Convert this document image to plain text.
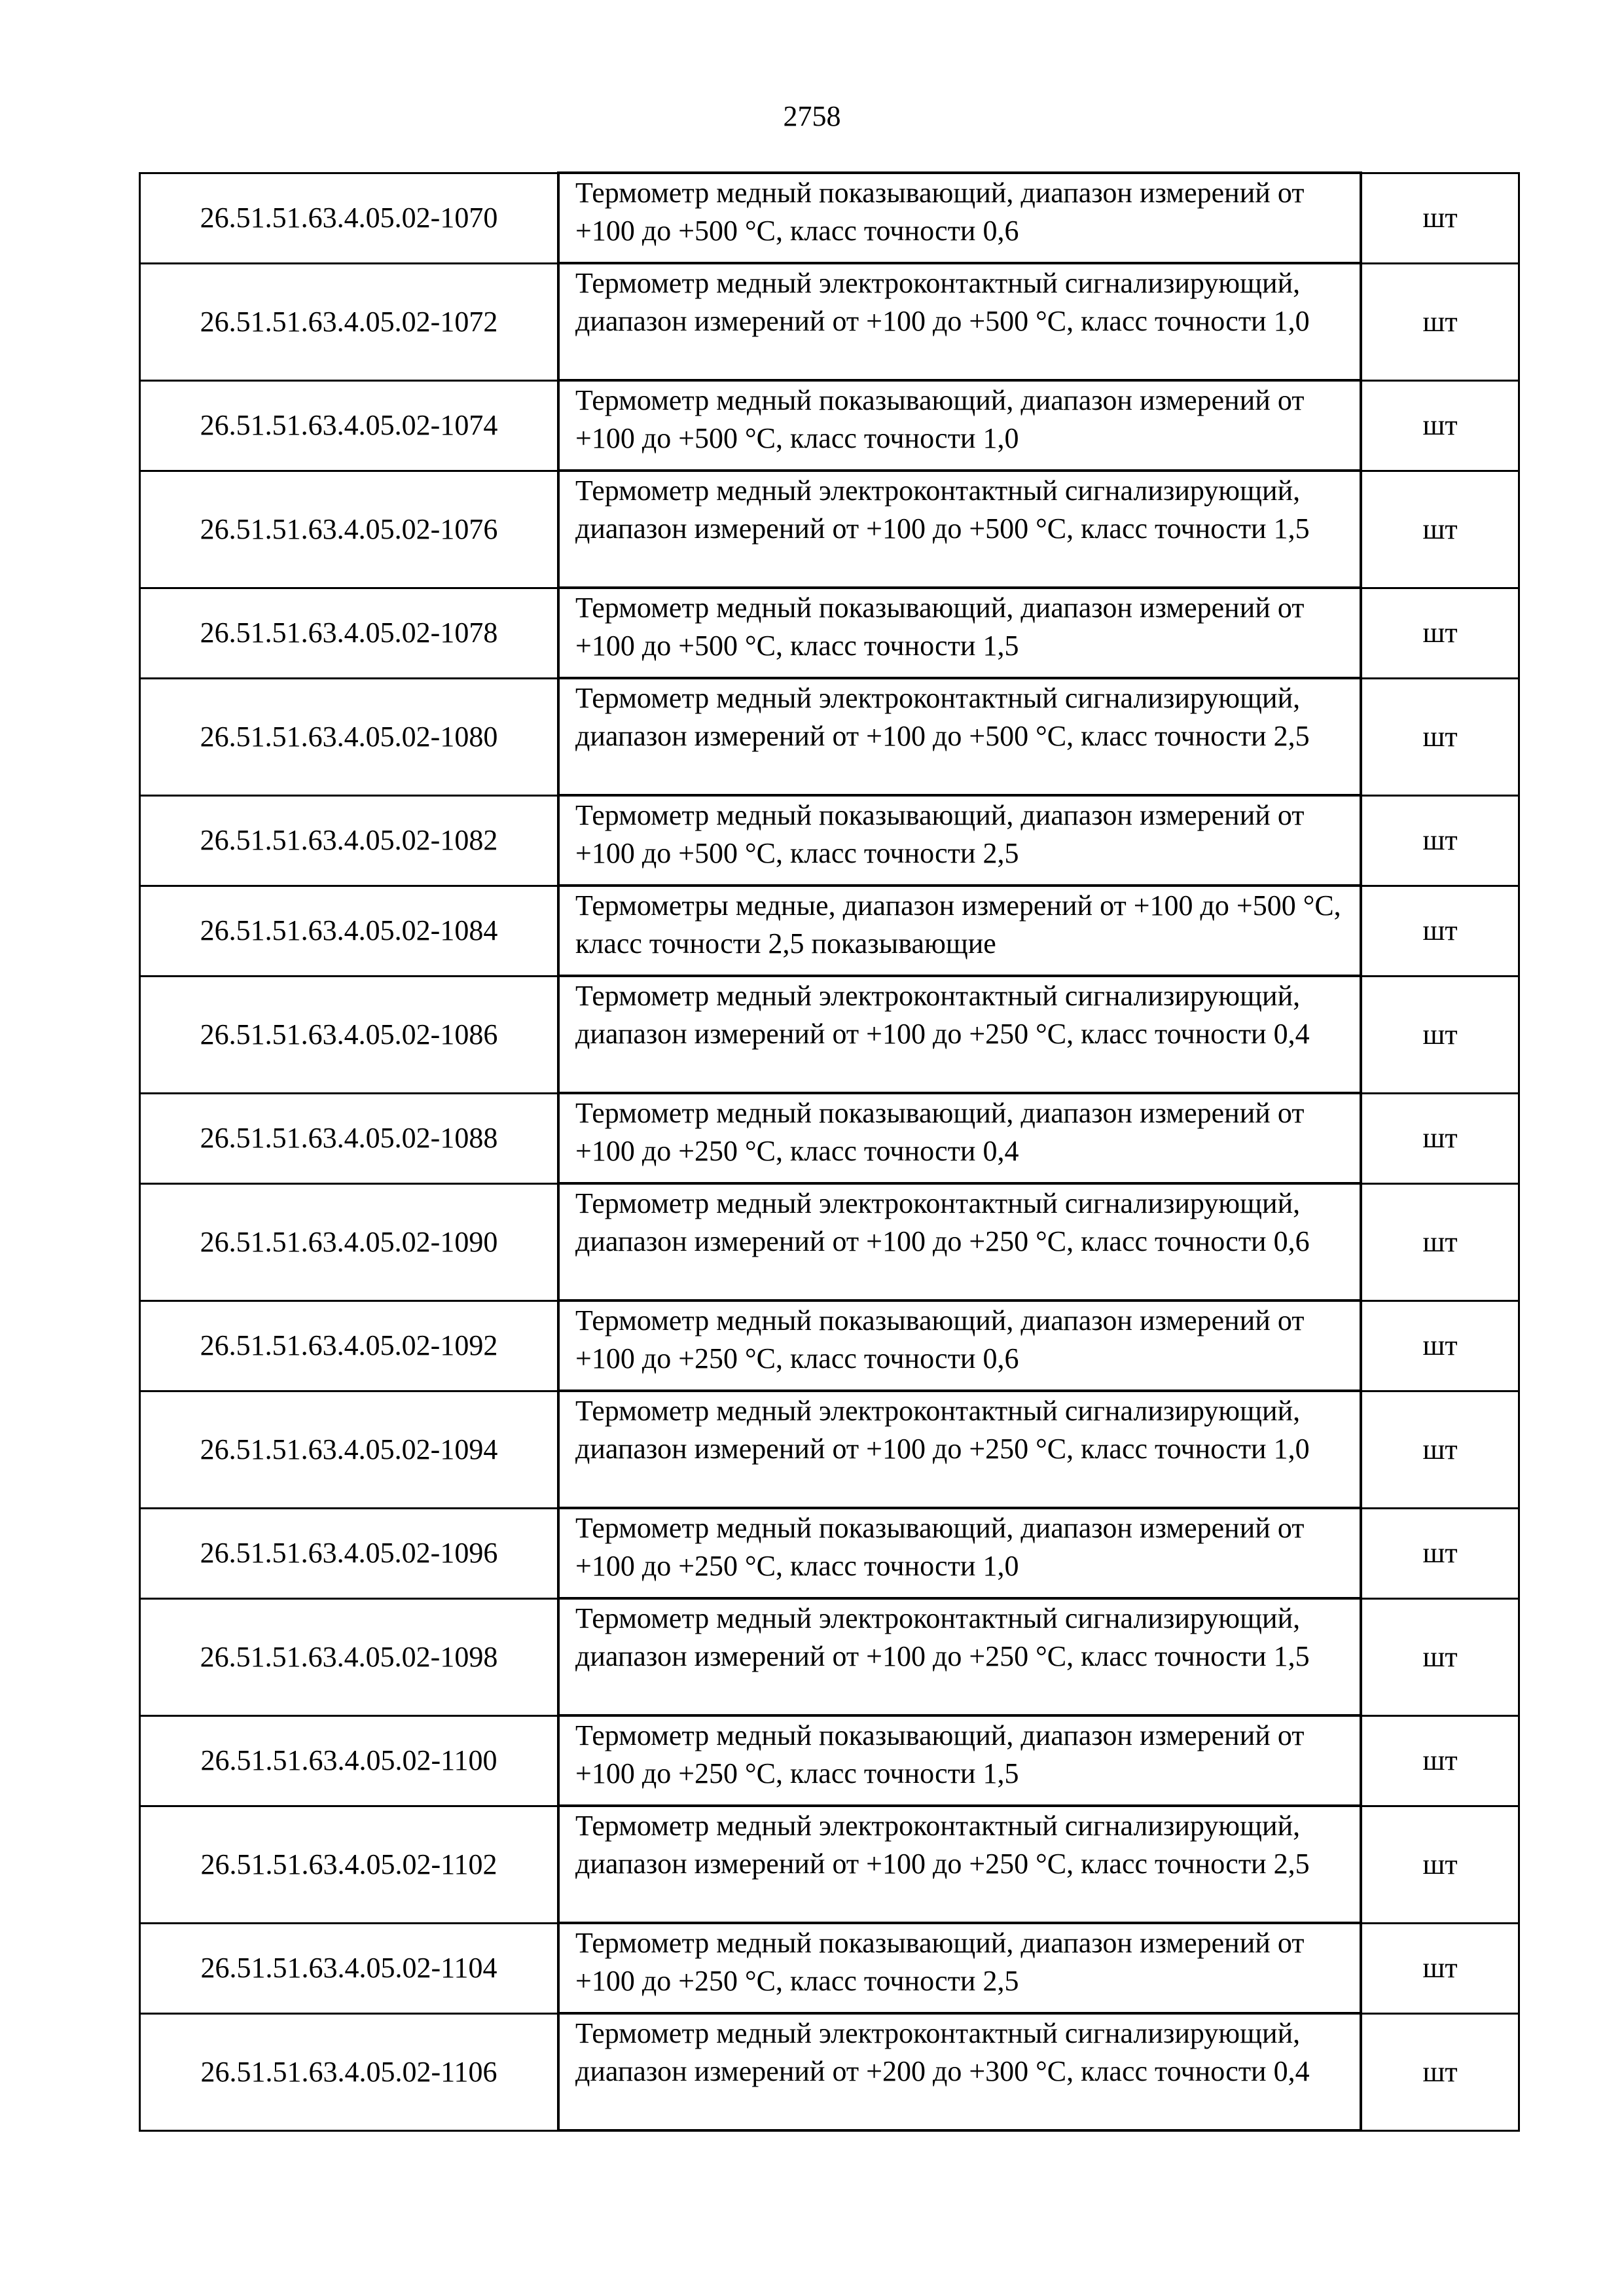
2758
26.51.51.63.4.05.02-1070	Термометр медный показывающий, диапазон измерений от +100 до +500 °С, класс точности 0,6	шт
26.51.51.63.4.05.02-1072	Термометр медный электроконтактный сигнализирующий, диапазон измерений от +100 до +500 °С, класс точности 1,0	шт
26.51.51.63.4.05.02-1074	Термометр медный показывающий, диапазон измерений от +100 до +500 °С, класс точности 1,0	шт
26.51.51.63.4.05.02-1076	Термометр медный электроконтактный сигнализирующий, диапазон измерений от +100 до +500 °С, класс точности 1,5	шт
26.51.51.63.4.05.02-1078	Термометр медный показывающий, диапазон измерений от +100 до +500 °С, класс точности 1,5	шт
26.51.51.63.4.05.02-1080	Термометр медный электроконтактный сигнализирующий, диапазон измерений от +100 до +500 °С, класс точности 2,5	шт
26.51.51.63.4.05.02-1082	Термометр медный показывающий, диапазон измерений от +100 до +500 °С, класс точности 2,5	шт
26.51.51.63.4.05.02-1084	Термометры медные, диапазон измерений от +100 до +500 °С, класс точности 2,5 показывающие	шт
26.51.51.63.4.05.02-1086	Термометр медный электроконтактный сигнализирующий, диапазон измерений от +100 до +250 °С, класс точности 0,4	шт
26.51.51.63.4.05.02-1088	Термометр медный показывающий, диапазон измерений от +100 до +250 °С, класс точности 0,4	шт
26.51.51.63.4.05.02-1090	Термометр медный электроконтактный сигнализирующий, диапазон измерений от +100 до +250 °С, класс точности 0,6	шт
26.51.51.63.4.05.02-1092	Термометр медный показывающий, диапазон измерений от +100 до +250 °С, класс точности 0,6	шт
26.51.51.63.4.05.02-1094	Термометр медный электроконтактный сигнализирующий, диапазон измерений от +100 до +250 °С, класс точности 1,0	шт
26.51.51.63.4.05.02-1096	Термометр медный показывающий, диапазон измерений от +100 до +250 °С, класс точности 1,0	шт
26.51.51.63.4.05.02-1098	Термометр медный электроконтактный сигнализирующий, диапазон измерений от +100 до +250 °С, класс точности 1,5	шт
26.51.51.63.4.05.02-1100	Термометр медный показывающий, диапазон измерений от +100 до +250 °С, класс точности 1,5	шт
26.51.51.63.4.05.02-1102	Термометр медный электроконтактный сигнализирующий, диапазон измерений от +100 до +250 °С, класс точности 2,5	шт
26.51.51.63.4.05.02-1104	Термометр медный показывающий, диапазон измерений от +100 до +250 °С, класс точности 2,5	шт
26.51.51.63.4.05.02-1106	Термометр медный электроконтактный сигнализирующий, диапазон измерений от +200 до +300 °С, класс точности 0,4	шт
